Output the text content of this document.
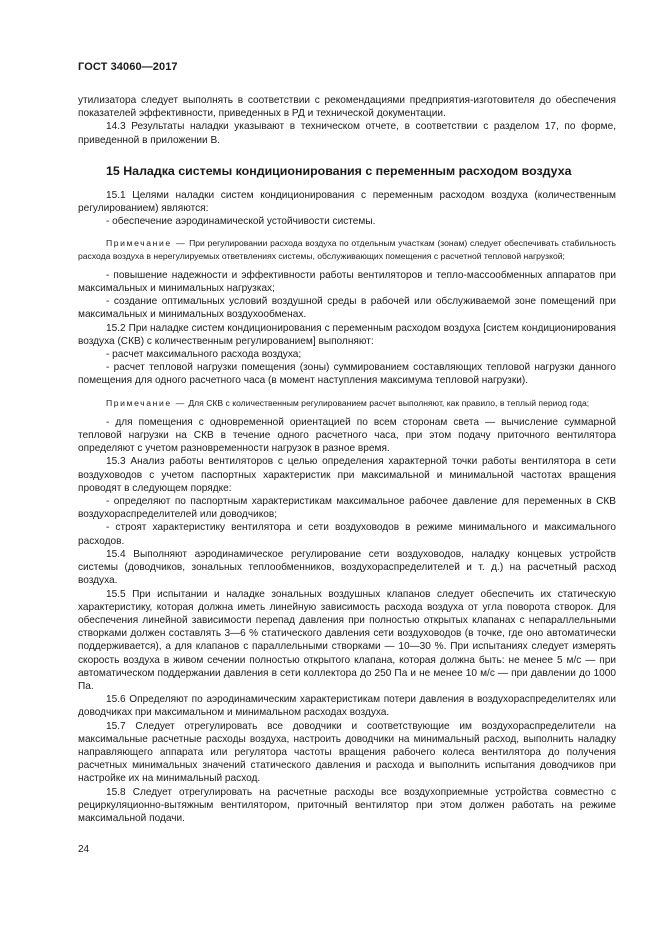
ГОСТ 34060—2017

утилизатора следует выполнять в соответствии с рекомендациями предприятия-изготовителя до обеспечения показателей эффективности, приведенных в РД и технической документации.

14.3 Результаты наладки указывают в техническом отчете, в соответствии с разделом 17, по форме, приведенной в приложении В.

15 Наладка системы кондиционирования с переменным расходом воздуха

15.1 Целями наладки систем кондиционирования с переменным расходом воздуха (количественным регулированием) являются:

- обеспечение аэродинамической устойчивости системы.

Примечание — При регулировании расхода воздуха по отдельным участкам (зонам) следует обеспечивать стабильность расхода воздуха в нерегулируемых ответвлениях системы, обслуживающих помещения с расчетной тепловой нагрузкой;

- повышение надежности и эффективности работы вентиляторов и тепло-массообменных аппаратов при максимальных и минимальных нагрузках;

- создание оптимальных условий воздушной среды в рабочей или обслуживаемой зоне помещений при максимальных и минимальных воздухообменах.

15.2 При наладке систем кондиционирования с переменным расходом воздуха [систем кондиционирования воздуха (СКВ) с количественным регулированием] выполняют:

- расчет максимального расхода воздуха;

- расчет тепловой нагрузки помещения (зоны) суммированием составляющих тепловой нагрузки данного помещения для одного расчетного часа (в момент наступления максимума тепловой нагрузки).

Примечание — Для СКВ с количественным регулированием расчет выполняют, как правило, в теплый период года;

- для помещения с одновременной ориентацией по всем сторонам света — вычисление суммарной тепловой нагрузки на СКВ в течение одного расчетного часа, при этом подачу приточного вентилятора определяют с учетом разновременности нагрузок в разное время.

15.3 Анализ работы вентиляторов с целью определения характерной точки работы вентилятора в сети воздуховодов с учетом паспортных характеристик при максимальной и минимальной частотах вращения проводят в следующем порядке:

- определяют по паспортным характеристикам максимальное рабочее давление для переменных в СКВ воздухораспределителей или доводчиков;

- строят характеристику вентилятора и сети воздуховодов в режиме минимального и максимального расходов.

15.4 Выполняют аэродинамическое регулирование сети воздуховодов, наладку концевых устройств системы (доводчиков, зональных теплообменников, воздухораспределителей и т. д.) на расчетный расход воздуха.

15.5 При испытании и наладке зональных воздушных клапанов следует обеспечить их статическую характеристику, которая должна иметь линейную зависимость расхода воздуха от угла поворота створок. Для обеспечения линейной зависимости перепад давления при полностью открытых клапанах с непараллельными створками должен составлять 3—6 % статического давления сети воздуховодов (в точке, где оно автоматически поддерживается), а для клапанов с параллельными створками — 10—30 %. При испытаниях следует измерять скорость воздуха в живом сечении полностью открытого клапана, которая должна быть: не менее 5 м/с — при автоматическом поддержании давления в сети коллектора до 250 Па и не менее 10 м/с — при давлении до 1000 Па.

15.6 Определяют по аэродинамическим характеристикам потери давления в воздухораспределителях или доводчиках при максимальном и минимальном расходах воздуха.

15.7 Следует отрегулировать все доводчики и соответствующие им воздухораспределители на максимальные расчетные расходы воздуха, настроить доводчики на минимальный расход, выполнить наладку направляющего аппарата или регулятора частоты вращения рабочего колеса вентилятора до получения расчетных минимальных значений статического давления и расхода и выполнить испытания доводчиков при настройке их на минимальный расход.

15.8 Следует отрегулировать на расчетные расходы все воздухоприемные устройства совместно с рециркуляционно-вытяжным вентилятором, приточный вентилятор при этом должен работать на режиме максимальной подачи.

24
